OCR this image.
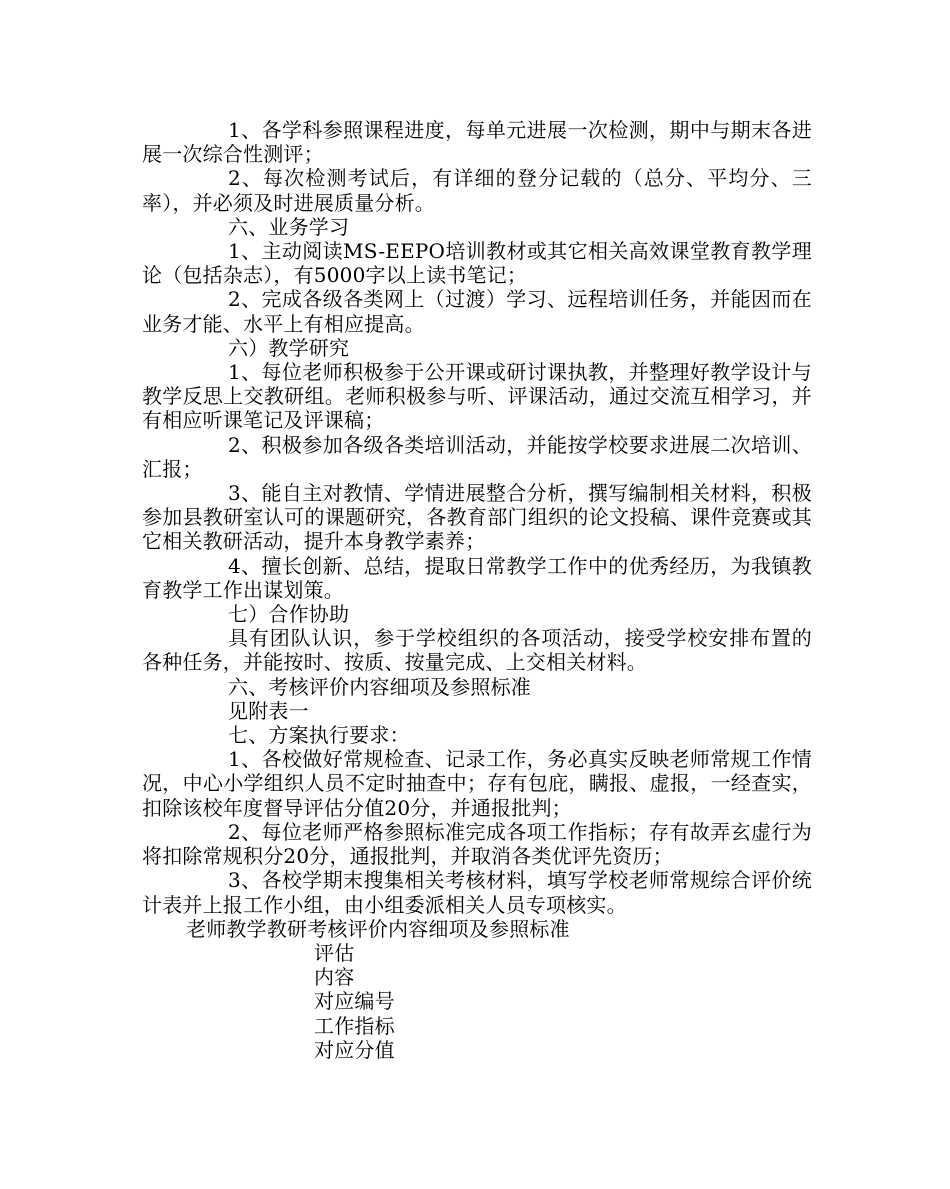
1、各学科参照课程进度，每单元进展一次检测，期中与期末各进展一次综合性测评；

2、每次检测考试后，有详细的登分记载的（总分、平均分、三率），并必须及时进展质量分析。

六、业务学习

1、主动阅读MS-EEPO培训教材或其它相关高效课堂教育教学理论（包括杂志），有5000字以上读书笔记；

2、完成各级各类网上（过渡）学习、远程培训任务，并能因而在业务才能、水平上有相应提高。

六）教学研究

1、每位老师积极参于公开课或研讨课执教，并整理好教学设计与教学反思上交教研组。老师积极参与听、评课活动，通过交流互相学习，并有相应听课笔记及评课稿；

2、积极参加各级各类培训活动，并能按学校要求进展二次培训、汇报；

3、能自主对教情、学情进展整合分析，撰写编制相关材料，积极参加县教研室认可的课题研究，各教育部门组织的论文投稿、课件竞赛或其它相关教研活动，提升本身教学素养；

4、擅长创新、总结，提取日常教学工作中的优秀经历，为我镇教育教学工作出谋划策。

七）合作协助

具有团队认识，参于学校组织的各项活动，接受学校安排布置的各种任务，并能按时、按质、按量完成、上交相关材料。

六、考核评价内容细项及参照标准

见附表一

七、方案执行要求：

1、各校做好常规检查、记录工作，务必真实反映老师常规工作情况，中心小学组织人员不定时抽查中；存有包庇，瞒报、虚报，一经查实，扣除该校年度督导评估分值20分，并通报批判；

2、每位老师严格参照标准完成各项工作指标；存有故弄玄虚行为将扣除常规积分20分，通报批判，并取消各类优评先资历；

3、各校学期末搜集相关考核材料，填写学校老师常规综合评价统计表并上报工作小组，由小组委派相关人员专项核实。

老师教学教研考核评价内容细项及参照标准

评估

内容

对应编号

工作指标

对应分值
